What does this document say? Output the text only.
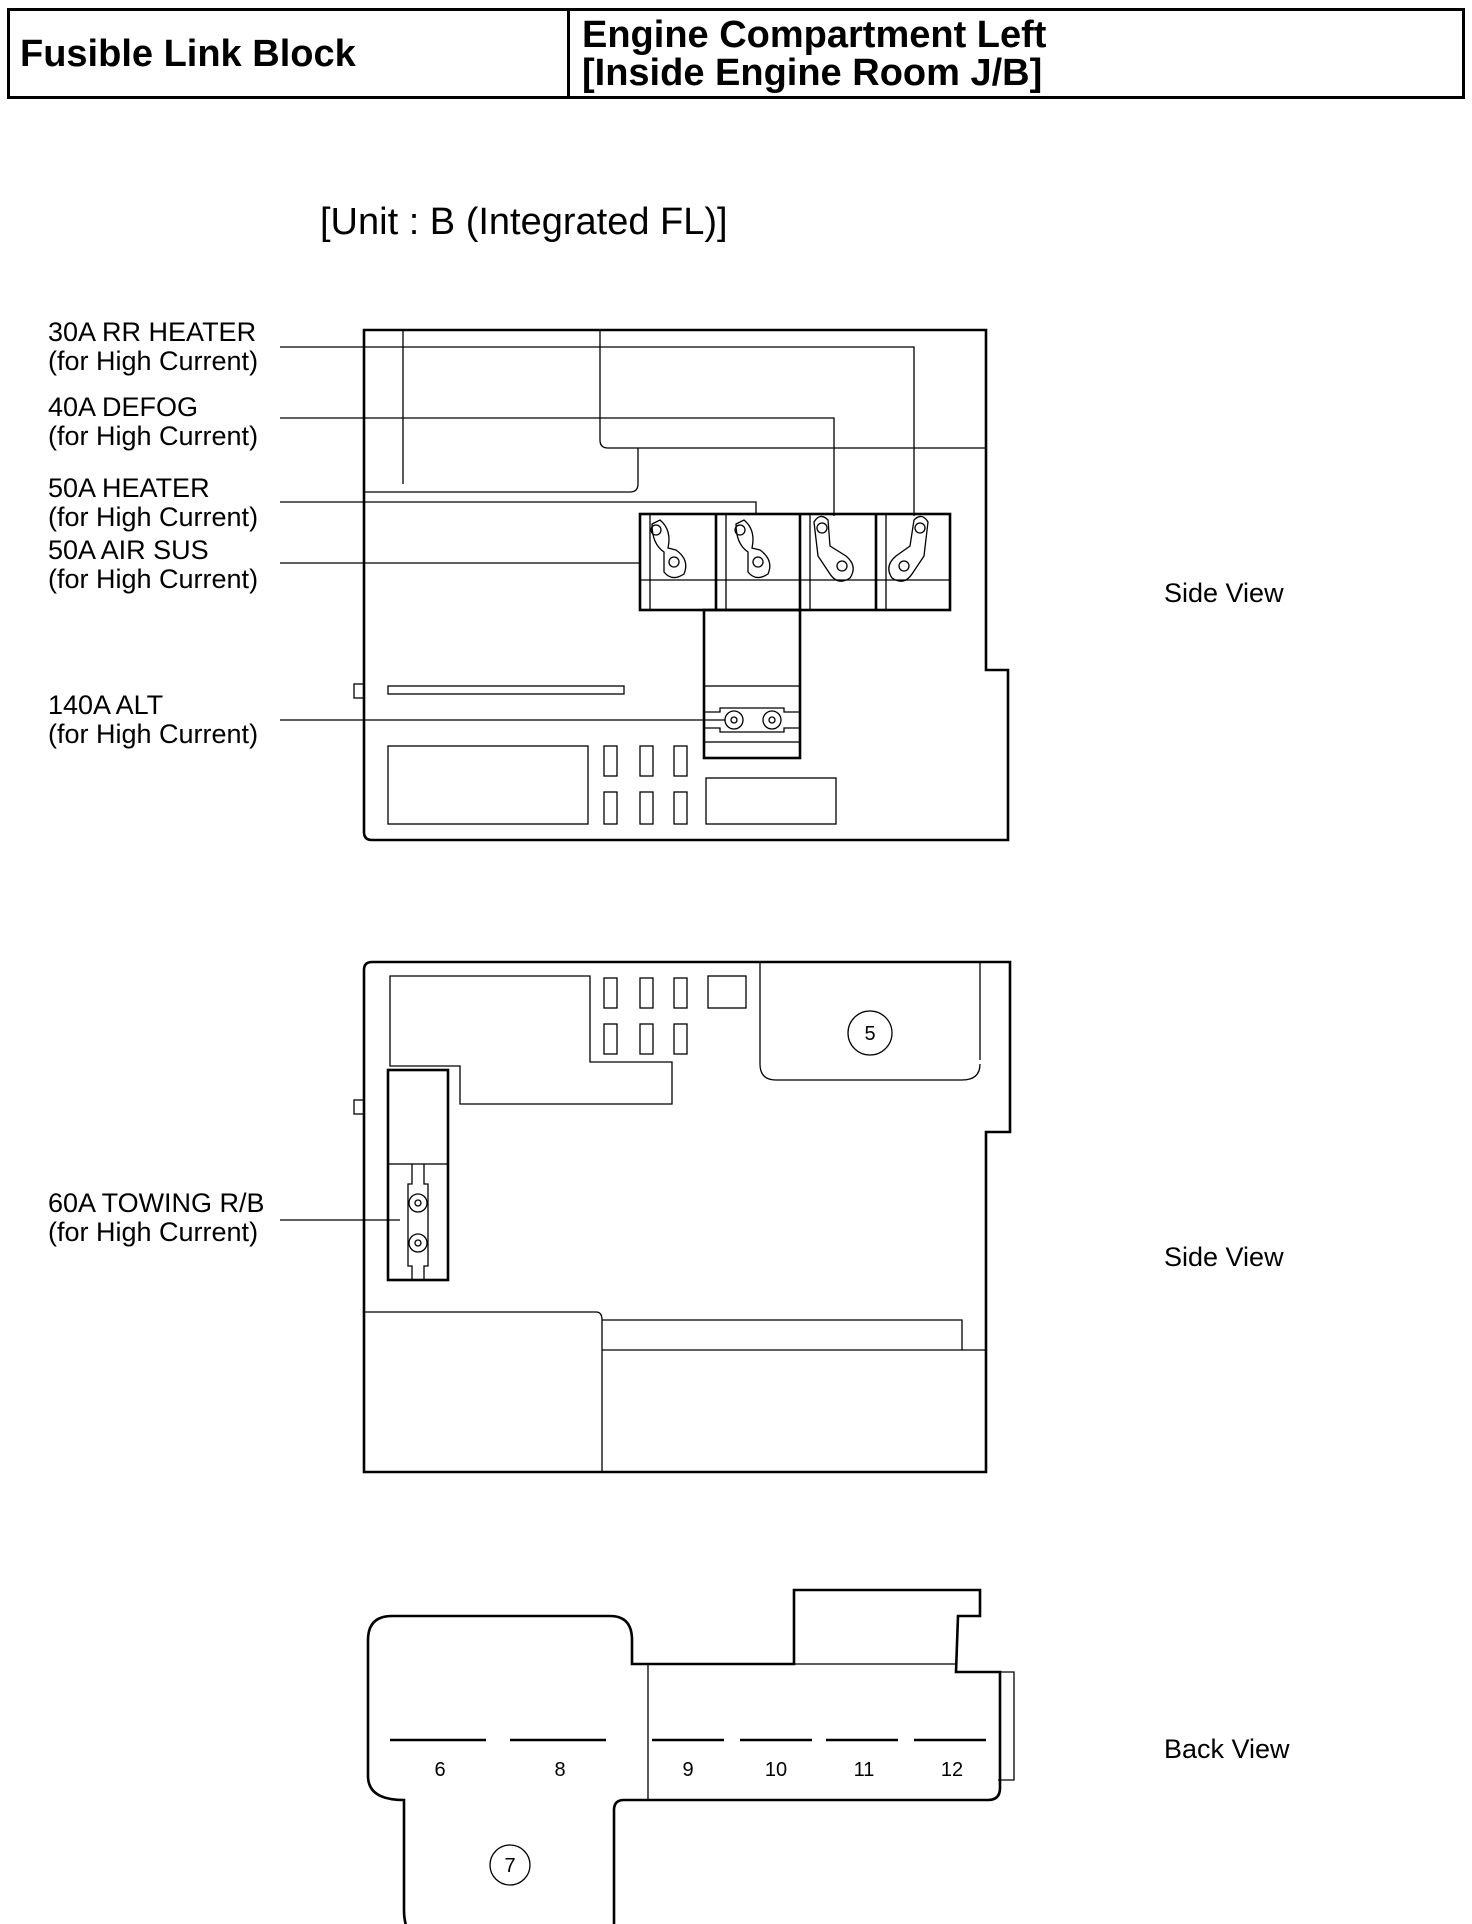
Fusible Link Block	Engine Compartment Left
[Inside Engine Room J/B]
[Unit : B (Integrated FL)]
5
6	8	9	10	11	12
7
30A RR HEATER
(for High Current)
40A DEFOG
(for High Current)
50A HEATER
(for High Current)
50A AIR SUS
(for High Current)
140A ALT
(for High Current)
60A TOWING R/B
(for High Current)
Side View
Side View
Back View
